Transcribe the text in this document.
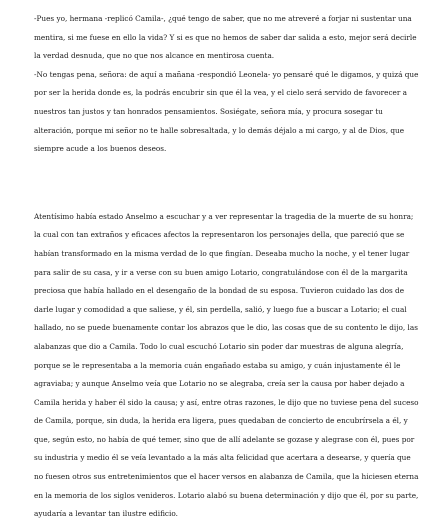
-Pues yo, hermana -replicó Camila-, ¿qué tengo de saber, que no me atreveré a forjar ni sustentar una mentira, si me fuese en ello la vida? Y si es que no hemos de saber dar salida a esto, mejor será decirle la verdad desnuda, que no que nos alcance en mentirosa cuenta.

-No tengas pena, señora: de aquí a mañana -respondió Leonela- yo pensaré qué le digamos, y quizá que por ser la herida donde es, la podrás encubrir sin que él la vea, y el cielo será servido de favorecer a nuestros tan justos y tan honrados pensamientos. Sosiégate, señora mía, y procura sosegar tu alteración, porque mi señor no te halle sobresaltada, y lo demás déjalo a mi cargo, y al de Dios, que siempre acude a los buenos deseos.

Atentísimo había estado Anselmo a escuchar y a ver representar la tragedia de la muerte de su honra; la cual con tan extraños y eficaces afectos la representaron los personajes della, que pareció que se habían transformado en la misma verdad de lo que fingían. Deseaba mucho la noche, y el tener lugar para salir de su casa, y ir a verse con su buen amigo Lotario, congratulándose con él de la margarita preciosa que había hallado en el desengaño de la bondad de su esposa. Tuvieron cuidado las dos de darle lugar y comodidad a que saliese, y él, sin perdella, salió, y luego fue a buscar a Lotario; el cual hallado, no se puede buenamente contar los abrazos que le dio, las cosas que de su contento le dijo, las alabanzas que dio a Camila. Todo lo cual escuchó Lotario sin poder dar muestras de alguna alegría, porque se le representaba a la memoria cuán engañado estaba su amigo, y cuán injustamente él le agraviaba; y aunque Anselmo veía que Lotario no se alegraba, creía ser la causa por haber dejado a Camila herida y haber él sido la causa; y así, entre otras razones, le dijo que no tuviese pena del suceso de Camila, porque, sin duda, la herida era ligera, pues quedaban de concierto de encubrírsela a él, y que, según esto, no había de qué temer, sino que de allí adelante se gozase y alegrase con él, pues por su industria y medio él se veía levantado a la más alta felicidad que acertara a desearse, y quería que no fuesen otros sus entretenimientos que el hacer versos en alabanza de Camila, que la hiciesen eterna en la memoria de los siglos venideros. Lotario alabó su buena determinación y dijo que él, por su parte, ayudaría a levantar tan ilustre edificio.
